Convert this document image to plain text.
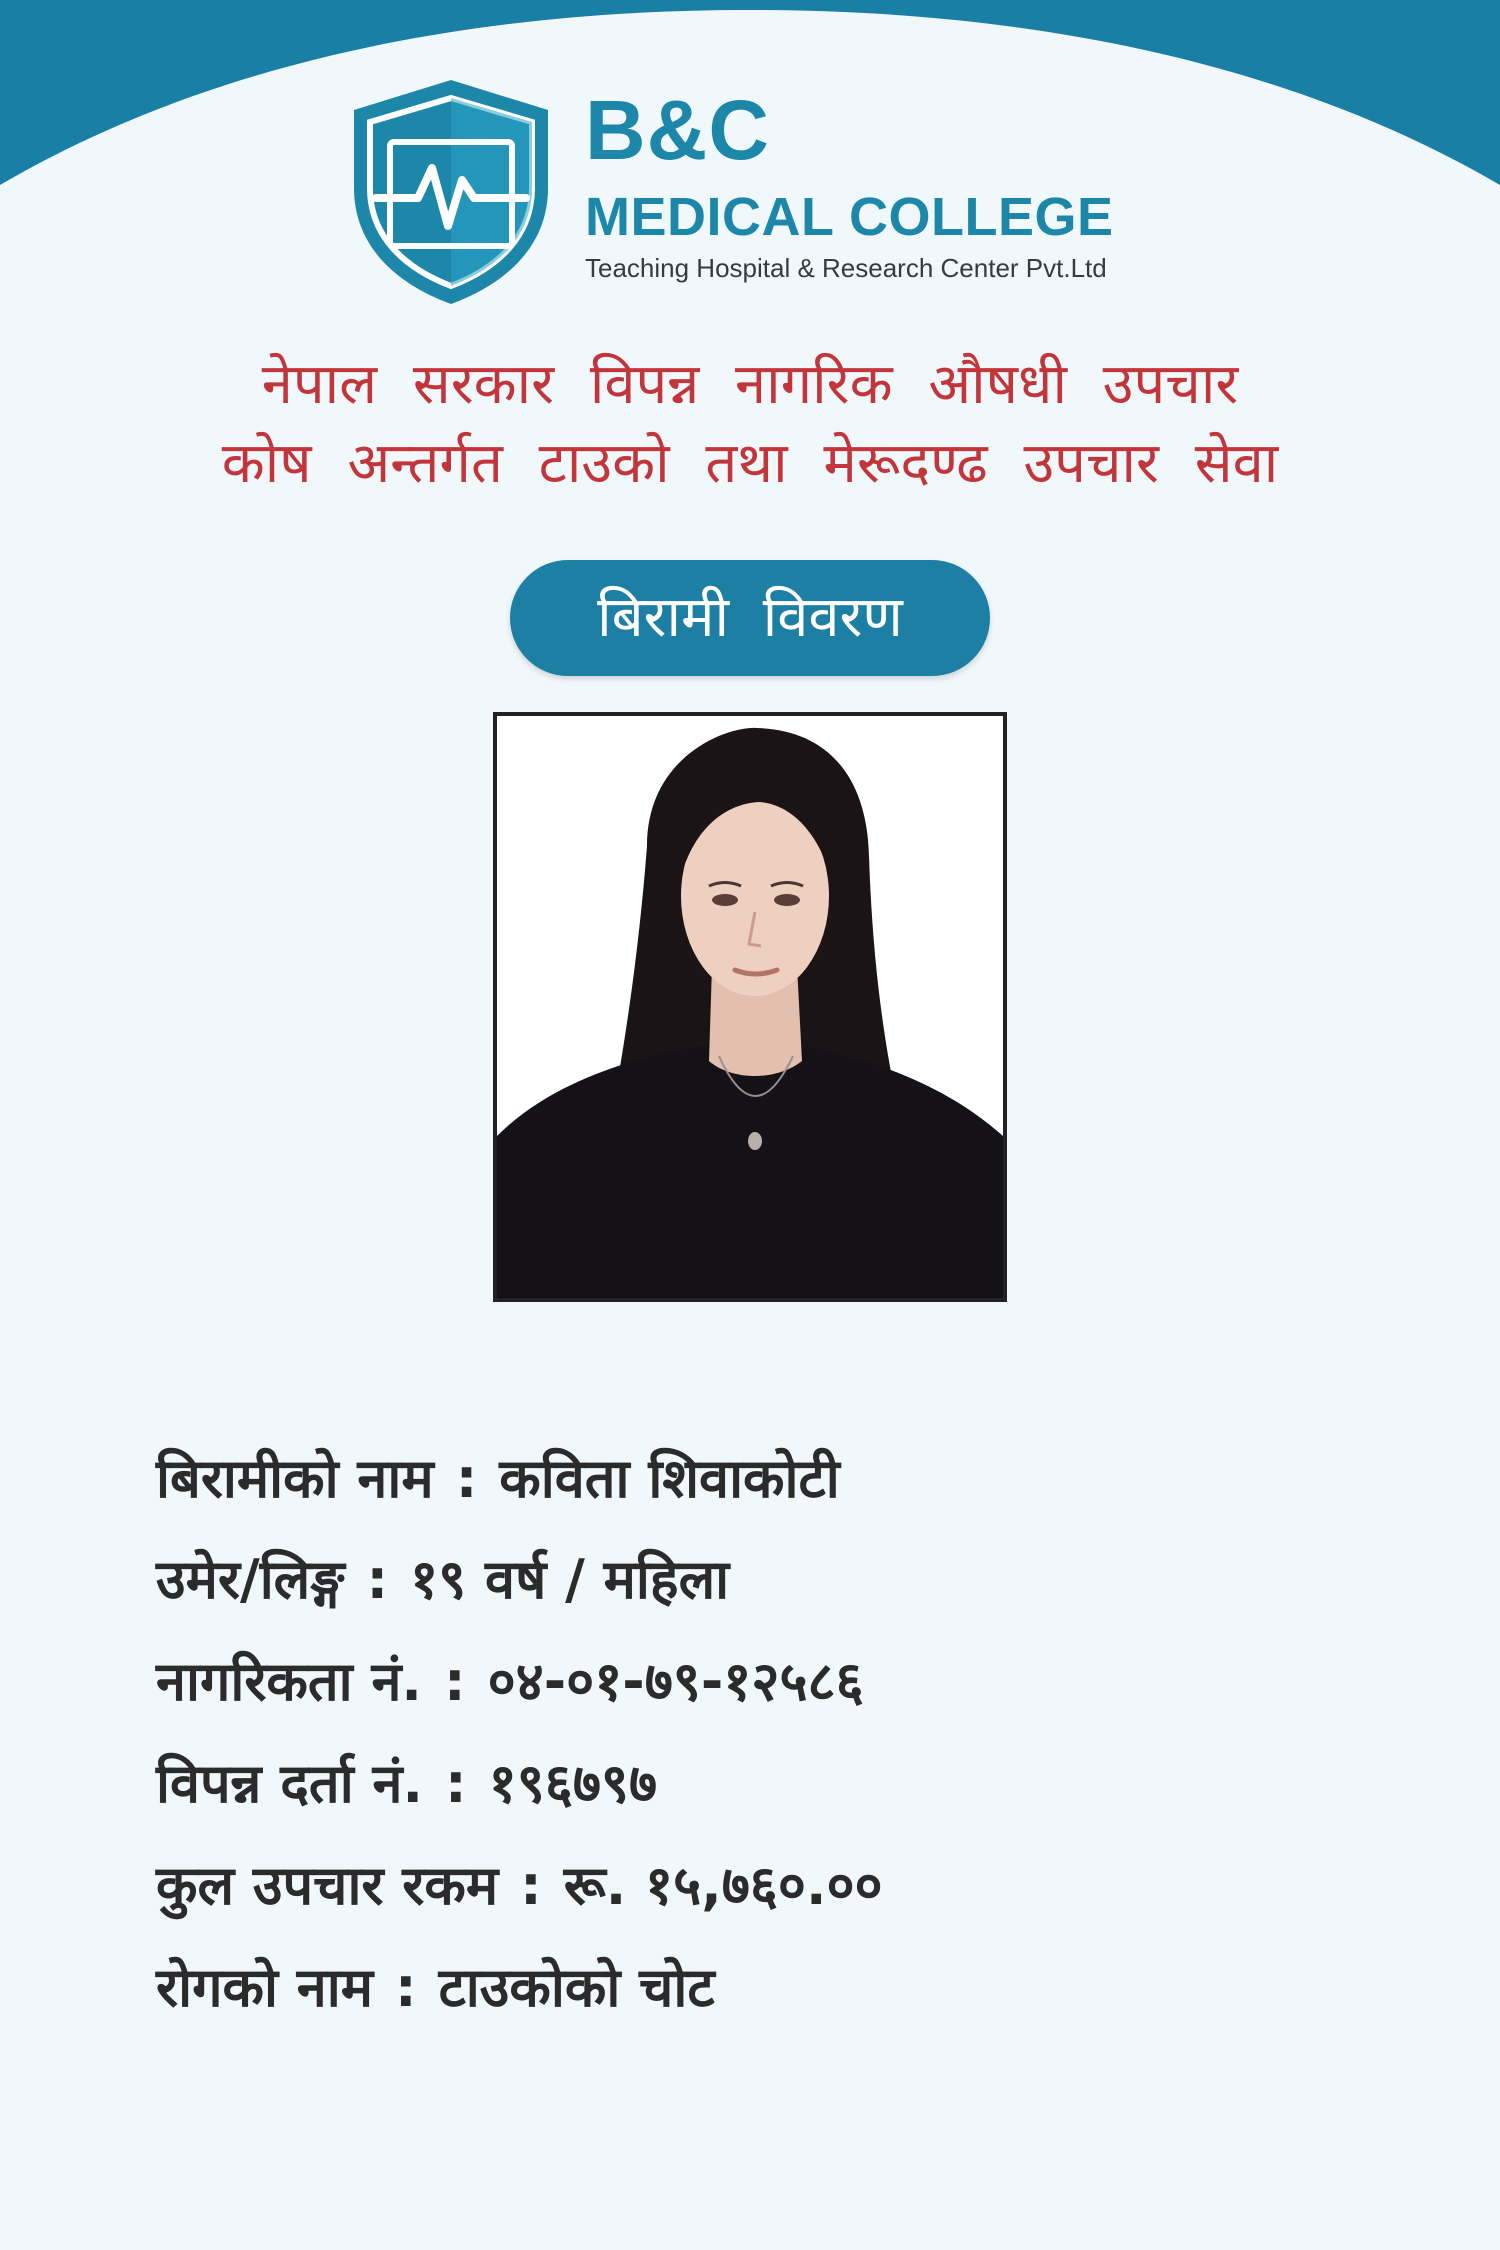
B&C
MEDICAL COLLEGE
Teaching Hospital & Research Center Pvt.Ltd
नेपाल सरकार विपन्न नागरिक औषधी उपचार
कोष अन्तर्गत टाउको तथा मेरूदण्ढ उपचार सेवा
बिरामी विवरण
बिरामीको नाम : कविता शिवाकोटी
उमेर/लिङ्ग : १९ वर्ष / महिला
नागरिकता नं. : ०४-०१-७९-१२५८६
विपन्न दर्ता नं. : १९६७९७
कुल उपचार रकम : रू. १५,७६०.००
रोगको नाम : टाउकोको चोट
